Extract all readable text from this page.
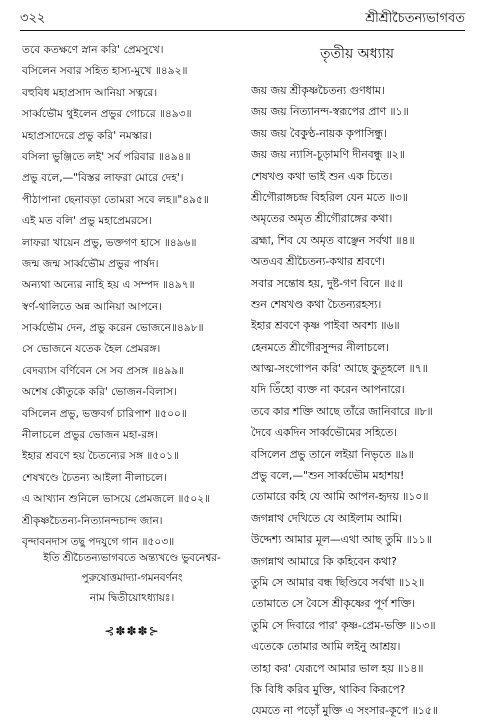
৩২২	শ্রীশ্রীচৈতন্যভাগবত
তবে কতক্ষণে স্নান করি' প্রেমসুখে।
বসিলেন সবার সহিত হাস্য-মুখে ॥৪৯২॥
বহুবিধ মহাপ্রসাদ আনিয়া সত্বরে।
সার্ব্বভৌম থুইলেন প্রভুর গোচরে ॥৪৯৩॥
মহাপ্রসাদেরে প্রভু করি' নমস্কার।
বসিলা ভুঞ্জিতে লই' সর্ব পরিবার ॥৪৯৪॥
প্রভু বলে,—"বিস্তর লাফরা মোরে দেহ'।
পীঠাপানা ছেনাবড়া তোমরা সবে লহ॥"৪৯৫॥
এই মত বলি' প্রভু মহাপ্রেমরসে।
লাফরা খায়েন প্রভু, ভক্তগণ হাসে ॥৪৯৬॥
জন্ম জন্ম সার্ব্বভৌম প্রভুর পার্ষদ।
অন্যথা অন্যের নাহি হয় এ সম্পদ ॥৪৯৭॥
স্বর্ণ-থালিতে অন্ন আনিয়া আপনে।
সার্ব্বভৌম দেন, প্রভু করেন ভোজনে॥৪৯৮॥
সে ভোজনে যতেক হৈল প্রেমরঙ্গ।
বেদব্যাস বর্ণিবেন সে সব প্রসঙ্গ ॥৪৯৯॥
অশেষ কৌতুকে করি' ভোজন-বিলাস।
বসিলেন প্রভু, ভক্তবর্গ চারিপাশ ॥৫০০॥
নীলাচলে প্রভুর ভোজন মহা-রঙ্গ।
ইহার শ্রবণে হয় চৈতন্যের সঙ্গ ॥৫০১॥
শেষখণ্ডে চৈতন্য আইলা নীলাচলে।
এ আখ্যান শুনিলে ভাসয়ে প্রেমজলে ॥৫০২॥
শ্রীকৃষ্ণচৈতন্য-নিত্যানন্দচান্দ জান।
বৃন্দাবনদাস তছু পদযুগে গান ॥৫০৩॥
ইতি শ্রীচৈতন্যভাগবতে অন্ত্যখণ্ডে ভুবনেশ্বর-
পুরুষোত্তমাদ্যা-গমনবর্ণনং
নাম দ্বিতীয়োঽধ্যায়ঃ।
⊰✽✽✽⊱
তৃতীয় অধ্যায়
জয় জয় শ্রীকৃষ্ণচৈতন্য গুণধাম।
জয় জয় নিত্যানন্দ-স্বরূপের প্রাণ ॥১॥
জয় জয় বৈকুণ্ঠ-নায়ক কৃপাসিন্ধু।
জয় জয় ন্যাসি-চূড়ামণি দীনবন্ধু ॥২॥
শেষখণ্ড কথা ভাই শুন এক চিতে।
শ্রীগৌরাঙ্গচন্দ্র বিহরিল যেন মতে ॥৩॥
অমৃতের অমৃত শ্রীগৌরাঙ্গের কথা।
ব্রহ্মা, শিব যে অমৃত বাঞ্ছেন সর্বথা ॥৪॥
অতএব শ্রীচৈতন্য-কথার শ্রবণে।
সবার সন্তোষ হয়, দুষ্ট-গণ বিনে ॥৫॥
শুন শেষখণ্ড কথা চৈতন্যরহস্য।
ইহার শ্রবণে কৃষ্ণ পাইবা অবশ্য ॥৬॥
হেনমতে শ্রীগৌরসুন্দর নীলাচলে।
আত্ম-সংগোপন করি' আছে কুতূহলে ॥৭॥
যদি তিঁহো ব্যক্ত না করেন আপনারে।
তবে কার শক্তি আছে তাঁরে জানিবারে ॥৮॥
দৈবে একদিন সার্ব্বভৌমের সহিতে।
বসিলেন প্রভু তানে লইয়া নিভৃতে ॥৯॥
প্রভু বলে,—"শুন সার্ব্বভৌম মহাশয়!
তোমারে কহি যে আমি আপন-হৃদয় ॥১০॥
জগন্নাথ দেখিতে যে আইলাম আমি।
উদ্দেশ্য আমার মূল—এথা আছ তুমি ॥১১॥
জগন্নাথ আমারে কি কহিবেন কথা?
তুমি সে আমার বন্ধ ছিণ্ডিবে সর্বথা ॥১২॥
তোমাতে সে বৈসে শ্রীকৃষ্ণের পূর্ণ শক্তি।
তুমি সে দিবারে পার' কৃষ্ণ-প্রেম-ভক্তি ॥১৩॥
এতেকে তোমার আমি লইনু আশ্রয়।
তাহা কর' যেরূপে আমার ভাল হয় ॥১৪॥
কি বিধি করিব মুক্তি, থাকিব কিরূপে?
যেমতে না পড়োঁ মুক্তি এ সংসার-কূপে ॥১৫॥
